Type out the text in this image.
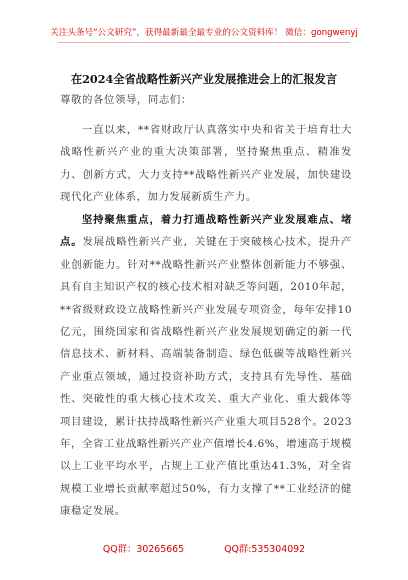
关注头条号“公文研究”，获得最新最全最专业的公文资料库！ 微信：gongwenyj
在2024全省战略性新兴产业发展推进会上的汇报发言
尊敬的各位领导，同志们：

一直以来，**省财政厅认真落实中央和省关于培育壮大战略性新兴产业的重大决策部署，坚持聚焦重点、精准发力、创新方式，大力支持**战略性新兴产业发展，加快建设现代化产业体系，加力发展新质生产力。

坚持聚焦重点，着力打通战略性新兴产业发展难点、堵点。发展战略性新兴产业，关键在于突破核心技术，提升产业创新能力。针对**战略性新兴产业整体创新能力不够强、具有自主知识产权的核心技术相对缺乏等问题，2010年起，**省级财政设立战略性新兴产业发展专项资金，每年安排10亿元，围绕国家和省战略性新兴产业发展规划确定的新一代信息技术、新材料、高端装备制造、绿色低碳等战略性新兴产业重点领域，通过投资补助方式，支持具有先导性、基础性、突破性的重大核心技术攻关、重大产业化、重大载体等项目建设，累计扶持战略性新兴产业重大项目528个。2023年，全省工业战略性新兴产业产值增长4.6%，增速高于规模以上工业平均水平，占规上工业产值比重达41.3%，对全省规模工业增长贡献率超过50%，有力支撑了**工业经济的健康稳定发展。

QQ群：30265665	QQ群:535304092
